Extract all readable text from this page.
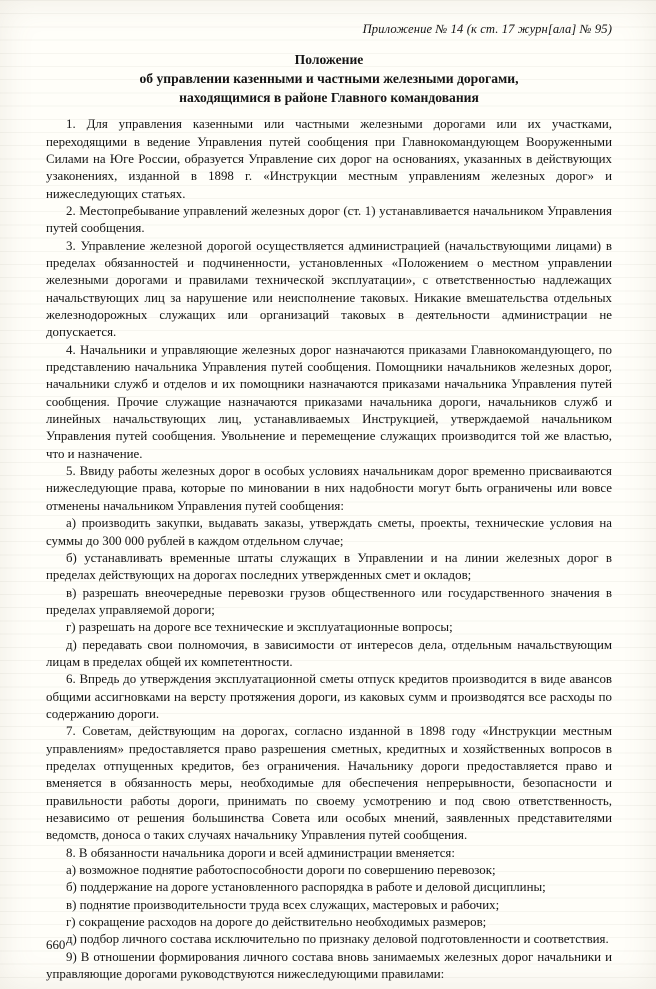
Приложение № 14 (к ст. 17 журн[ала] № 95)
Положение
об управлении казенными и частными железными дорогами,
находящимися в районе Главного командования

1. Для управления казенными или частными железными дорогами или их участками, переходящими в ведение Управления путей сообщения при Главнокомандующем Вооруженными Силами на Юге России, образуется Управление сих дорог на основаниях, указанных в действующих узаконениях, изданной в 1898 г. «Инструкции местным управлениям железных дорог» и нижеследующих статьях.

2. Местопребывание управлений железных дорог (ст. 1) устанавливается начальником Управления путей сообщения.

3. Управление железной дорогой осуществляется администрацией (начальствующими лицами) в пределах обязанностей и подчиненности, установленных «Положением о местном управлении железными дорогами и правилами технической эксплуатации», с ответственностью надлежащих начальствующих лиц за нарушение или неисполнение таковых. Никакие вмешательства отдельных железнодорожных служащих или организаций таковых в деятельности администрации не допускается.

4. Начальники и управляющие железных дорог назначаются приказами Главнокомандующего, по представлению начальника Управления путей сообщения. Помощники начальников железных дорог, начальники служб и отделов и их помощники назначаются приказами начальника Управления путей сообщения. Прочие служащие назначаются приказами начальника дороги, начальников служб и линейных начальствующих лиц, устанавливаемых Инструкцией, утверждаемой начальником Управления путей сообщения. Увольнение и перемещение служащих производится той же властью, что и назначение.

5. Ввиду работы железных дорог в особых условиях начальникам дорог временно присваиваются нижеследующие права, которые по миновании в них надобности могут быть ограничены или вовсе отменены начальником Управления путей сообщения:

а) производить закупки, выдавать заказы, утверждать сметы, проекты, технические условия на суммы до 300 000 рублей в каждом отдельном случае;

б) устанавливать временные штаты служащих в Управлении и на линии железных дорог в пределах действующих на дорогах последних утвержденных смет и окладов;

в) разрешать внеочередные перевозки грузов общественного или государственного значения в пределах управляемой дороги;

г) разрешать на дороге все технические и эксплуатационные вопросы;

д) передавать свои полномочия, в зависимости от интересов дела, отдельным начальствующим лицам в пределах общей их компетентности.

6. Впредь до утверждения эксплуатационной сметы отпуск кредитов производится в виде авансов общими ассигновками на версту протяжения дороги, из каковых сумм и производятся все расходы по содержанию дороги.

7. Советам, действующим на дорогах, согласно изданной в 1898 году «Инструкции местным управлениям» предоставляется право разрешения сметных, кредитных и хозяйственных вопросов в пределах отпущенных кредитов, без ограничения. Начальнику дороги предоставляется право и вменяется в обязанность меры, необходимые для обеспечения непрерывности, безопасности и правильности работы дороги, принимать по своему усмотрению и под свою ответственность, независимо от решения большинства Совета или особых мнений, заявленных представителями ведомств, доноса о таких случаях начальнику Управления путей сообщения.

8. В обязанности начальника дороги и всей администрации вменяется:

а) возможное поднятие работоспособности дороги по совершению перевозок;

б) поддержание на дороге установленного распорядка в работе и деловой дисциплины;

в) поднятие производительности труда всех служащих, мастеровых и рабочих;

г) сокращение расходов на дороге до действительно необходимых размеров;

д) подбор личного состава исключительно по признаку деловой подготовленности и соответствия.

9) В отношении формирования личного состава вновь занимаемых железных дорог начальники и управляющие дорогами руководствуются нижеследующими правилами:

660
